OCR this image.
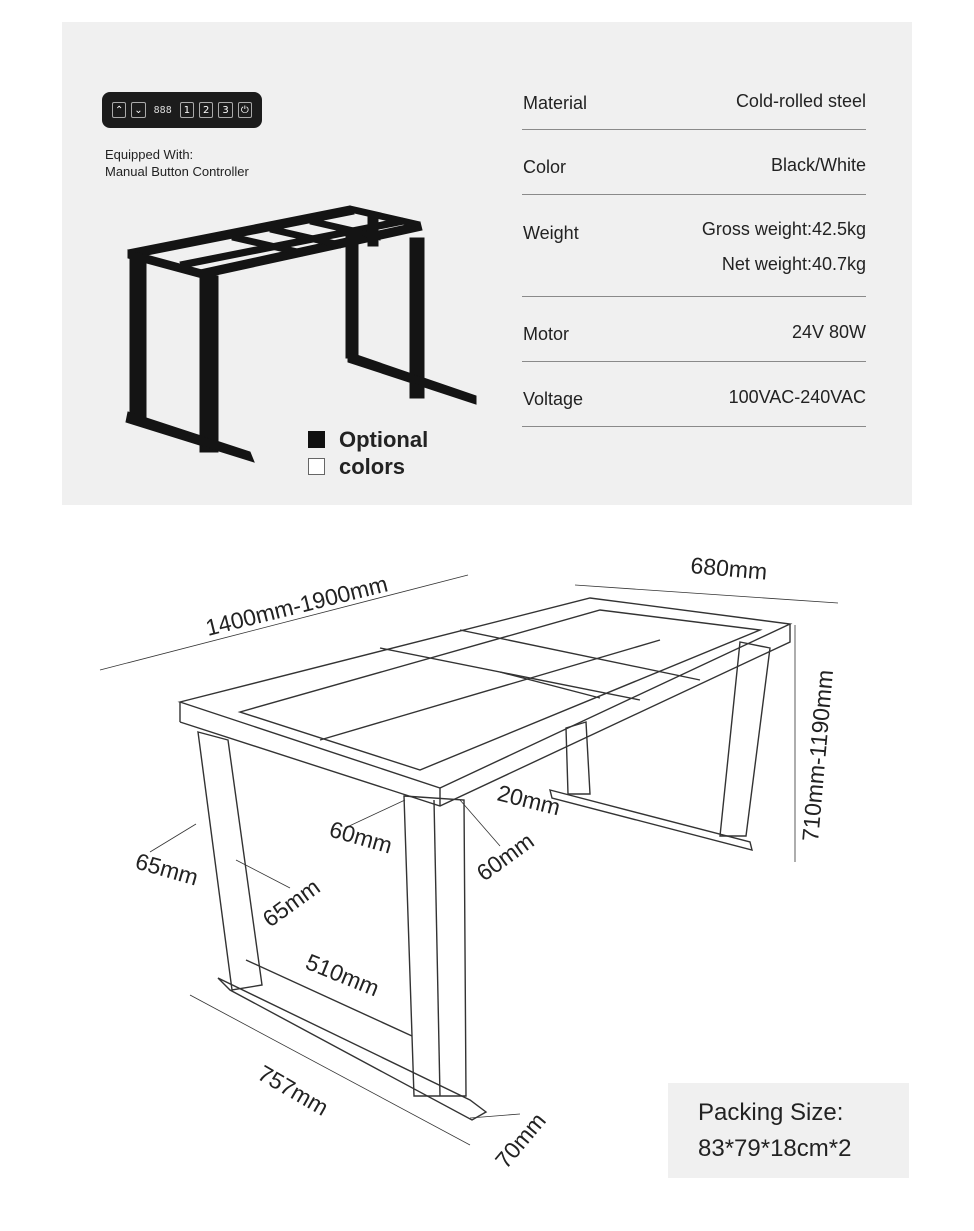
⌃ ⌄ 888	1	2	3	⏻
Equipped With:
Manual Button Controller
Optional
colors
Material	Cold-rolled steel
Color	Black/White
Weight	Gross weight:42.5kg
Net weight:40.7kg
Motor	24V 80W
Voltage	100VAC-240VAC
1400mm-1900mm
680mm
710mm-1190mm
20mm
60mm	60mm
65mm
65mm
510mm
757mm
70mm	Packing Size:
83*79*18cm*2
